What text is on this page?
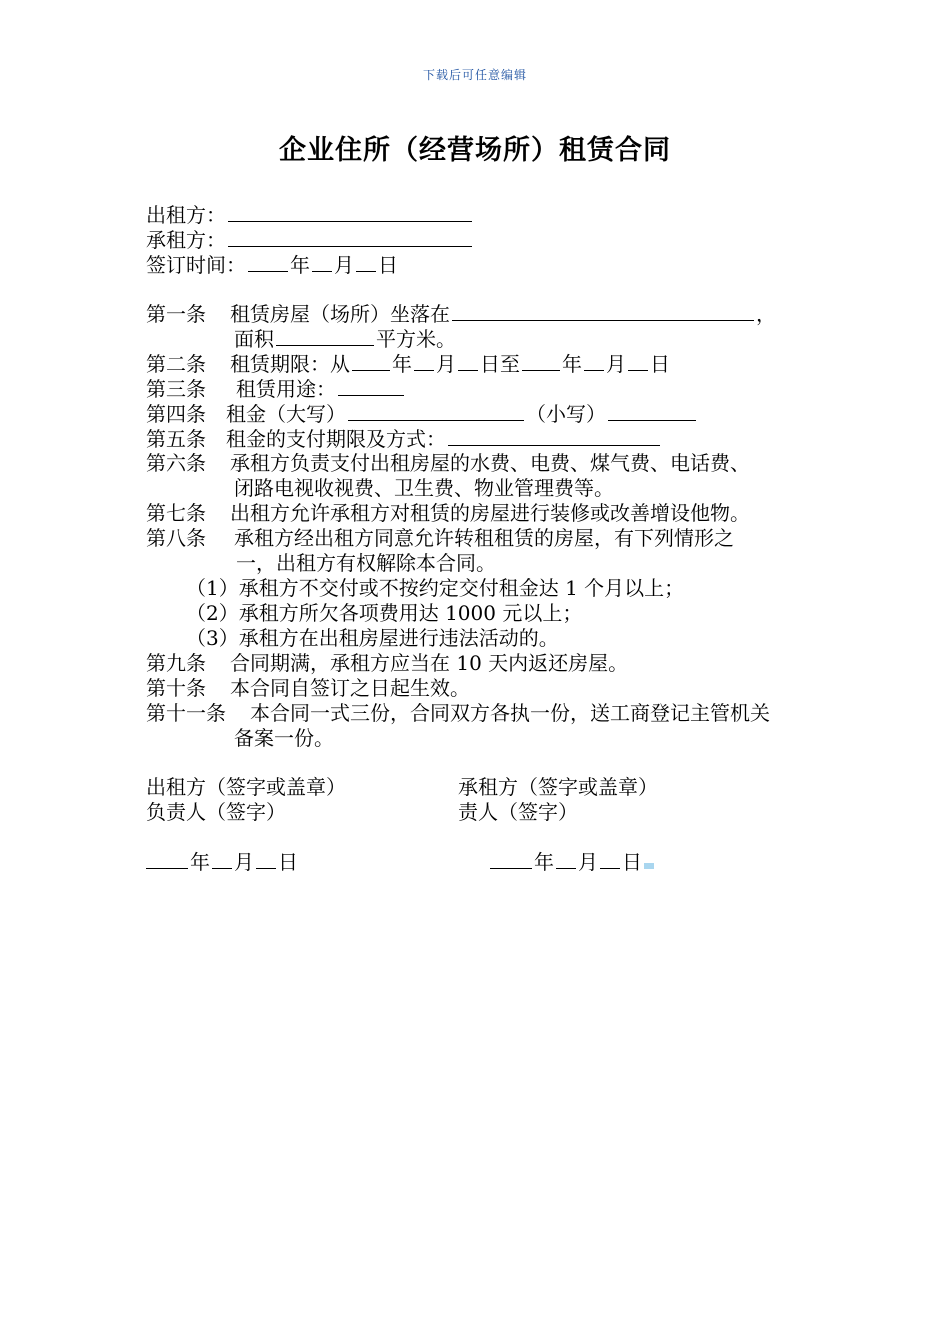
下载后可任意编辑
企业住所（经营场所）租赁合同
出租方：
承租方：
签订时间： 年 月 日
第一条 租赁房屋（场所）坐落在	，
面积	平方米。
第二条 租赁期限：从 年 月 日至 年 月 日
第三条 租赁用途：
第四条 租金（大写）	（小写）
第五条 租金的支付期限及方式：
第六条 承租方负责支付出租房屋的水费、电费、煤气费、电话费、
闭路电视收视费、卫生费、物业管理费等。
第七条 出租方允许承租方对租赁的房屋进行装修或改善增设他物。
第八条 承租方经出租方同意允许转租租赁的房屋，有下列情形之
一，出租方有权解除本合同。
（1）承租方不交付或不按约定交付租金达 1 个月以上；
（2）承租方所欠各项费用达 1000 元以上；
（3）承租方在出租房屋进行违法活动的。
第九条 合同期满，承租方应当在 10 天内返还房屋。
第十条 本合同自签订之日起生效。
第十一条 本合同一式三份，合同双方各执一份，送工商登记主管机关
备案一份。
出租方（签字或盖章）	承租方（签字或盖章）
负责人（签字）	责人（签字）
年 月 日	年 月 日
